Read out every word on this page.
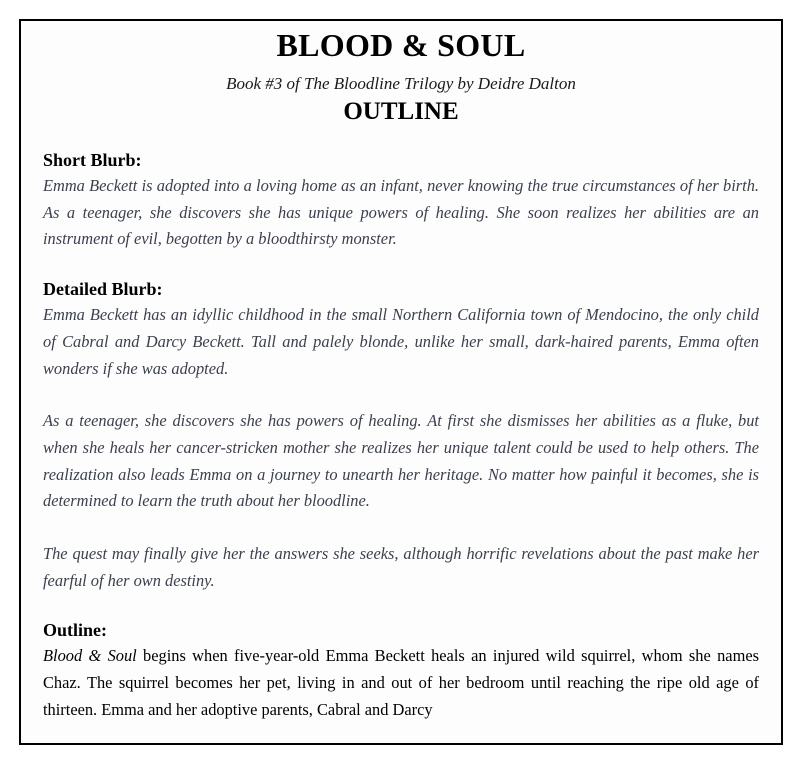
BLOOD & SOUL
Book #3 of The Bloodline Trilogy by Deidre Dalton
OUTLINE
Short Blurb:
Emma Beckett is adopted into a loving home as an infant, never knowing the true circumstances of her birth. As a teenager, she discovers she has unique powers of healing. She soon realizes her abilities are an instrument of evil, begotten by a bloodthirsty monster.
Detailed Blurb:
Emma Beckett has an idyllic childhood in the small Northern California town of Mendocino, the only child of Cabral and Darcy Beckett. Tall and palely blonde, unlike her small, dark-haired parents, Emma often wonders if she was adopted.
As a teenager, she discovers she has powers of healing. At first she dismisses her abilities as a fluke, but when she heals her cancer-stricken mother she realizes her unique talent could be used to help others. The realization also leads Emma on a journey to unearth her heritage. No matter how painful it becomes, she is determined to learn the truth about her bloodline.
The quest may finally give her the answers she seeks, although horrific revelations about the past make her fearful of her own destiny.
Outline:
Blood & Soul begins when five-year-old Emma Beckett heals an injured wild squirrel, whom she names Chaz. The squirrel becomes her pet, living in and out of her bedroom until reaching the ripe old age of thirteen. Emma and her adoptive parents, Cabral and Darcy
